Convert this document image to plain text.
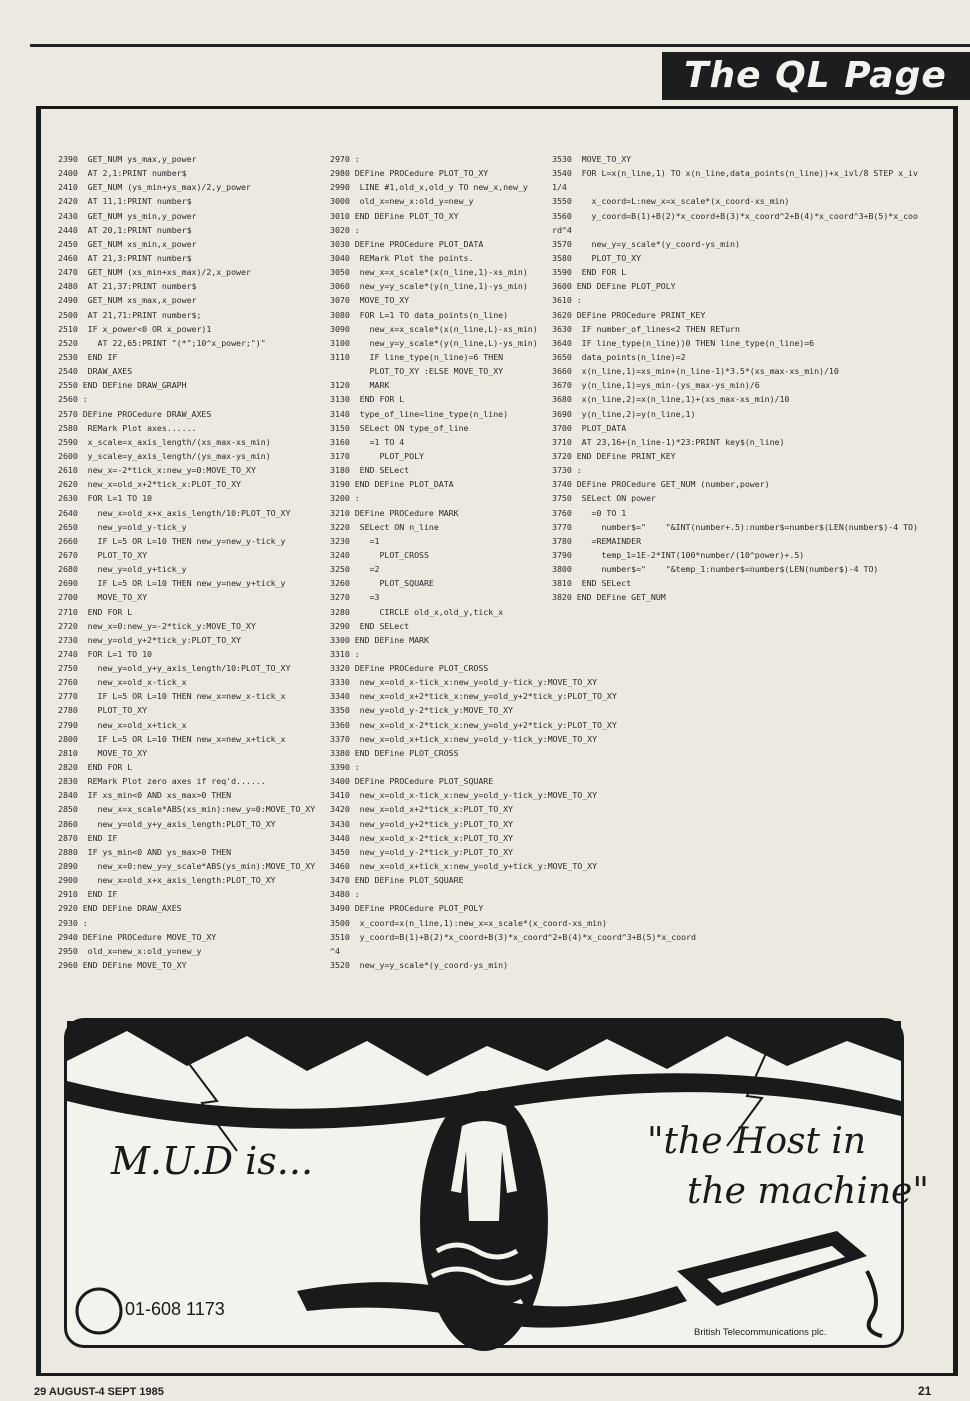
The QL Page
2390  GET_NUM ys_max,y_power
2400  AT 2,1:PRINT number$
2410  GET_NUM (ys_min+ys_max)/2,y_power
2420  AT 11,1:PRINT number$
2430  GET_NUM ys_min,y_power
2440  AT 20,1:PRINT number$
2450  GET_NUM xs_min,x_power
2460  AT 21,3:PRINT number$
2470  GET_NUM (xs_min+xs_max)/2,x_power
2480  AT 21,37:PRINT number$
2490  GET_NUM xs_max,x_power
2500  AT 21,71:PRINT number$;
2510  IF x_power<0 OR x_power)1
2520    AT 22,65:PRINT "(*";10^x_power;")"
2530  END IF
2540  DRAW_AXES
2550 END DEFine DRAW_GRAPH
2560 :
2570 DEFine PROCedure DRAW_AXES
2580  REMark Plot axes......
2590  x_scale=x_axis_length/(xs_max-xs_min)
2600  y_scale=y_axis_length/(ys_max-ys_min)
2610  new_x=-2*tick_x:new_y=0:MOVE_TO_XY
2620  new_x=old_x+2*tick_x:PLOT_TO_XY
2630  FOR L=1 TO 10
2640    new_x=old_x+x_axis_length/10:PLOT_TO_XY
2650    new_y=old_y-tick_y
2660    IF L=5 OR L=10 THEN new_y=new_y-tick_y
2670    PLOT_TO_XY
2680    new_y=old_y+tick_y
2690    IF L=5 OR L=10 THEN new_y=new_y+tick_y
2700    MOVE_TO_XY
2710  END FOR L
2720  new_x=0:new_y=-2*tick_y:MOVE_TO_XY
2730  new_y=old_y+2*tick_y:PLOT_TO_XY
2740  FOR L=1 TO 10
2750    new_y=old_y+y_axis_length/10:PLOT_TO_XY
2760    new_x=old_x-tick_x
2770    IF L=5 OR L=10 THEN new_x=new_x-tick_x
2780    PLOT_TO_XY
2790    new_x=old_x+tick_x
2800    IF L=5 OR L=10 THEN new_x=new_x+tick_x
2810    MOVE_TO_XY
2820  END FOR L
2830  REMark Plot zero axes if req'd......
2840  IF xs_min<0 AND xs_max>0 THEN
2850    new_x=x_scale*ABS(xs_min):new_y=0:MOVE_TO_XY
2860    new_y=old_y+y_axis_length:PLOT_TO_XY
2870  END IF
2880  IF ys_min<0 AND ys_max>0 THEN
2890    new_x=0:new_y=y_scale*ABS(ys_min):MOVE_TO_XY
2900    new_x=old_x+x_axis_length:PLOT_TO_XY
2910  END IF
2920 END DEFine DRAW_AXES
2930 :
2940 DEFine PROCedure MOVE_TO_XY
2950  old_x=new_x:old_y=new_y
2960 END DEFine MOVE_TO_XY
2970 :
2980 DEFine PROCedure PLOT_TO_XY
2990  LINE #1,old_x,old_y TO new_x,new_y
3000  old_x=new_x:old_y=new_y
3010 END DEFine PLOT_TO_XY
3020 :
3030 DEFine PROCedure PLOT_DATA
3040  REMark Plot the points.
3050  new_x=x_scale*(x(n_line,1)-xs_min)
3060  new_y=y_scale*(y(n_line,1)-ys_min)
3070  MOVE_TO_XY
3080  FOR L=1 TO data_points(n_line)
3090    new_x=x_scale*(x(n_line,L)-xs_min)
3100    new_y=y_scale*(y(n_line,L)-ys_min)
3110    IF line_type(n_line)=6 THEN
PLOT_TO_XY :ELSE MOVE_TO_XY
3120    MARK
3130  END FOR L
3140  type_of_line=line_type(n_line)
3150  SELect ON type_of_line
3160    =1 TO 4
3170      PLOT_POLY
3180  END SELect
3190 END DEFine PLOT_DATA
3200 :
3210 DEFine PROCedure MARK
3220  SELect ON n_line
3230    =1
3240      PLOT_CROSS
3250    =2
3260      PLOT_SQUARE
3270    =3
3280      CIRCLE old_x,old_y,tick_x
3290  END SELect
3300 END DEFine MARK
3310 :
3320 DEFine PROCedure PLOT_CROSS
3330  new_x=old_x-tick_x:new_y=old_y-tick_y:MOVE_TO_XY
3340  new_x=old_x+2*tick_x:new_y=old_y+2*tick_y:PLOT_TO_XY
3350  new_y=old_y-2*tick_y:MOVE_TO_XY
3360  new_x=old_x-2*tick_x:new_y=old_y+2*tick_y:PLOT_TO_XY
3370  new_x=old_x+tick_x:new_y=old_y-tick_y:MOVE_TO_XY
3380 END DEFine PLOT_CROSS
3390 :
3400 DEFine PROCedure PLOT_SQUARE
3410  new_x=old_x-tick_x:new_y=old_y-tick_y:MOVE_TO_XY
3420  new_x=old_x+2*tick_x:PLOT_TO_XY
3430  new_y=old_y+2*tick_y:PLOT_TO_XY
3440  new_x=old_x-2*tick_x:PLOT_TO_XY
3450  new_y=old_y-2*tick_y:PLOT_TO_XY
3460  new_x=old_x+tick_x:new_y=old_y+tick_y:MOVE_TO_XY
3470 END DEFine PLOT_SQUARE
3480 :
3490 DEFine PROCedure PLOT_POLY
3500  x_coord=x(n_line,1):new_x=x_scale*(x_coord-xs_min)
3510  y_coord=B(1)+B(2)*x_coord+B(3)*x_coord^2+B(4)*x_coord^3+B(5)*x_coord
^4
3520  new_y=y_scale*(y_coord-ys_min)
3530  MOVE_TO_XY
3540  FOR L=x(n_line,1) TO x(n_line,data_points(n_line))+x_ivl/8 STEP x_iv
1/4
3550    x_coord=L:new_x=x_scale*(x_coord-xs_min)
3560    y_coord=B(1)+B(2)*x_coord+B(3)*x_coord^2+B(4)*x_coord^3+B(5)*x_coo
rd^4
3570    new_y=y_scale*(y_coord-ys_min)
3580    PLOT_TO_XY
3590  END FOR L
3600 END DEFine PLOT_POLY
3610 :
3620 DEFine PROCedure PRINT_KEY
3630  IF number_of_lines<2 THEN RETurn
3640  IF line_type(n_line))0 THEN line_type(n_line)=6
3650  data_points(n_line)=2
3660  x(n_line,1)=xs_min+(n_line-1)*3.5*(xs_max-xs_min)/10
3670  y(n_line,1)=ys_min-(ys_max-ys_min)/6
3680  x(n_line,2)=x(n_line,1)+(xs_max-xs_min)/10
3690  y(n_line,2)=y(n_line,1)
3700  PLOT_DATA
3710  AT 23,16+(n_line-1)*23:PRINT key$(n_line)
3720 END DEFine PRINT_KEY
3730 :
3740 DEFine PROCedure GET_NUM (number,power)
3750  SELect ON power
3760    =0 TO 1
3770      number$="    "&INT(number+.5):number$=number$(LEN(number$)-4 TO)
3780    =REMAINDER
3790      temp_1=1E-2*INT(100*number/(10^power)+.5)
3800      number$="    "&temp_1:number$=number$(LEN(number$)-4 TO)
3810  END SELect
3820 END DEFine GET_NUM
M.U.D is...	"the Host in
the machine"
01-608 1173
British Telecommunications plc.
29 AUGUST-4 SEPT 1985	21
